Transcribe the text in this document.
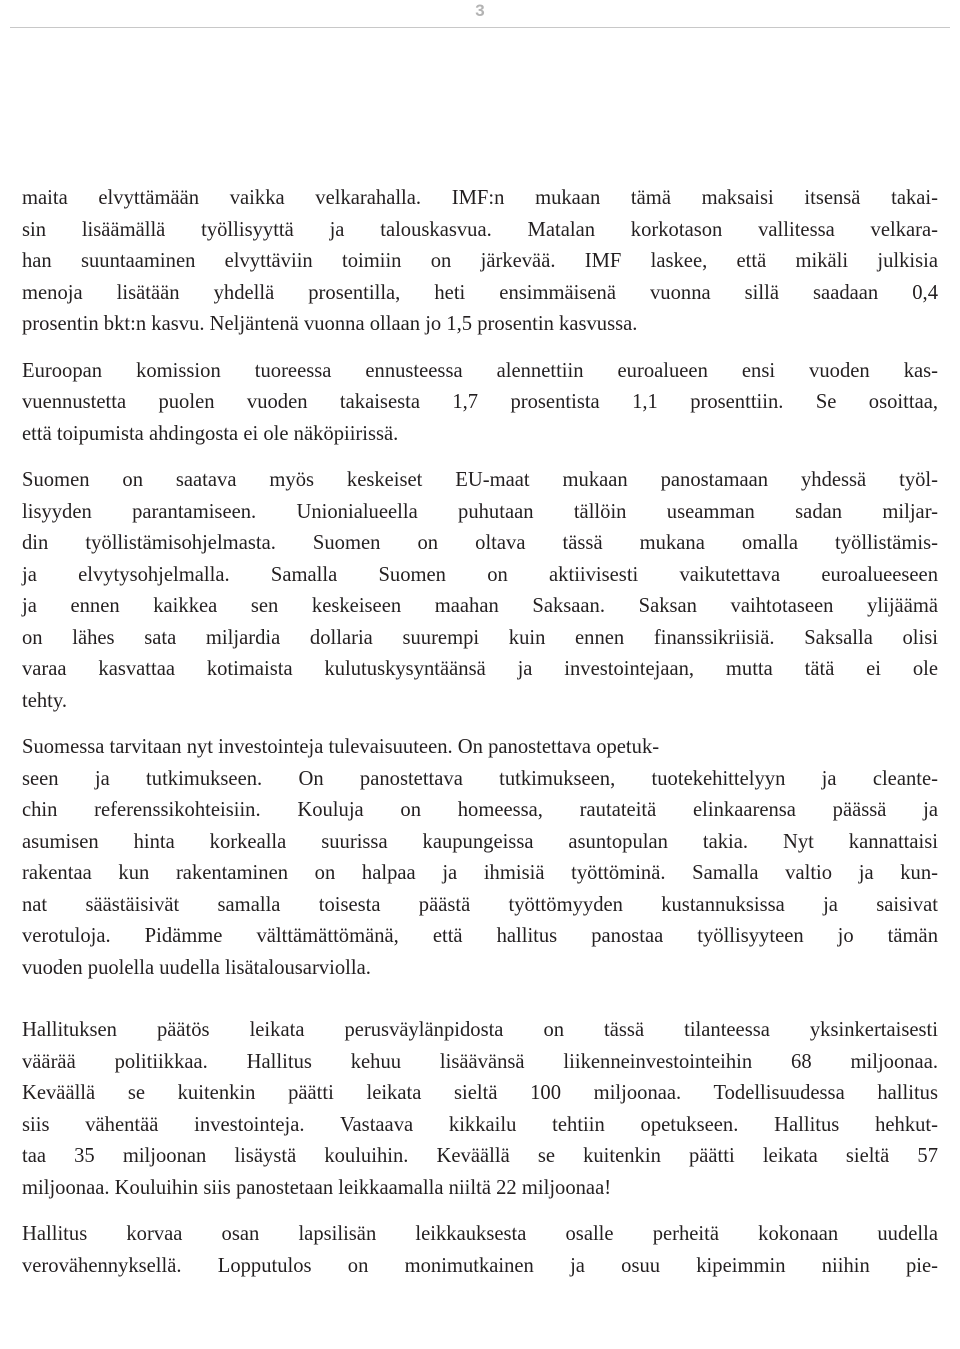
3
maita elvyttämään vaikka velkarahalla. IMF:n mukaan tämä maksaisi itsensä takai-
sin lisäämällä työllisyyttä ja talouskasvua. Matalan korkotason vallitessa velkara-
han suuntaaminen elvyttäviin toimiin on järkevää. IMF laskee, että mikäli julkisia
menoja lisätään yhdellä prosentilla, heti ensimmäisenä vuonna sillä saadaan 0,4
prosentin bkt:n kasvu. Neljäntenä vuonna ollaan jo 1,5 prosentin kasvussa.
Euroopan komission tuoreessa ennusteessa alennettiin euroalueen ensi vuoden kas-
vuennustetta puolen vuoden takaisesta 1,7 prosentista 1,1 prosenttiin. Se osoittaa,
että toipumista ahdingosta ei ole näköpiirissä.
Suomen on saatava myös keskeiset EU-maat mukaan panostamaan yhdessä työl-
lisyyden parantamiseen. Unionialueella puhutaan tällöin useamman sadan miljar-
din työllistämisohjelmasta. Suomen on oltava tässä mukana omalla työllistämis-
ja elvytysohjelmalla. Samalla Suomen on aktiivisesti vaikutettava euroalueeseen
ja ennen kaikkea sen keskeiseen maahan Saksaan. Saksan vaihtotaseen ylijäämä
on lähes sata miljardia dollaria suurempi kuin ennen finanssikriisiä. Saksalla olisi
varaa kasvattaa kotimaista kulutuskysyntäänsä ja investointejaan, mutta tätä ei ole
tehty.
Suomessa tarvitaan nyt investointeja tulevaisuuteen. On panostettava opetuk-
seen ja tutkimukseen. On panostettava tutkimukseen, tuotekehittelyyn ja cleante-
chin referenssikohteisiin. Kouluja on homeessa, rautateitä elinkaarensa päässä ja
asumisen hinta korkealla suurissa kaupungeissa asuntopulan takia. Nyt kannattaisi
rakentaa kun rakentaminen on halpaa ja ihmisiä työttöminä. Samalla valtio ja kun-
nat säästäisivät samalla toisesta päästä työttömyyden kustannuksissa ja saisivat
verotuloja. Pidämme välttämättömänä, että hallitus panostaa työllisyyteen jo tämän
vuoden puolella uudella lisätalousarviolla.
Hallituksen päätös leikata perusväylänpidosta on tässä tilanteessa yksinkertaisesti
väärää politiikkaa. Hallitus kehuu lisäävänsä liikenneinvestointeihin 68 miljoonaa.
Keväällä se kuitenkin päätti leikata sieltä 100 miljoonaa. Todellisuudessa hallitus
siis vähentää investointeja. Vastaava kikkailu tehtiin opetukseen. Hallitus hehkut-
taa 35 miljoonan lisäystä kouluihin. Keväällä se kuitenkin päätti leikata sieltä 57
miljoonaa. Kouluihin siis panostetaan leikkaamalla niiltä 22 miljoonaa!
Hallitus korvaa osan lapsilisän leikkauksesta osalle perheitä kokonaan uudella
verovähennyksellä. Lopputulos on monimutkainen ja osuu kipeimmin niihin pie-
